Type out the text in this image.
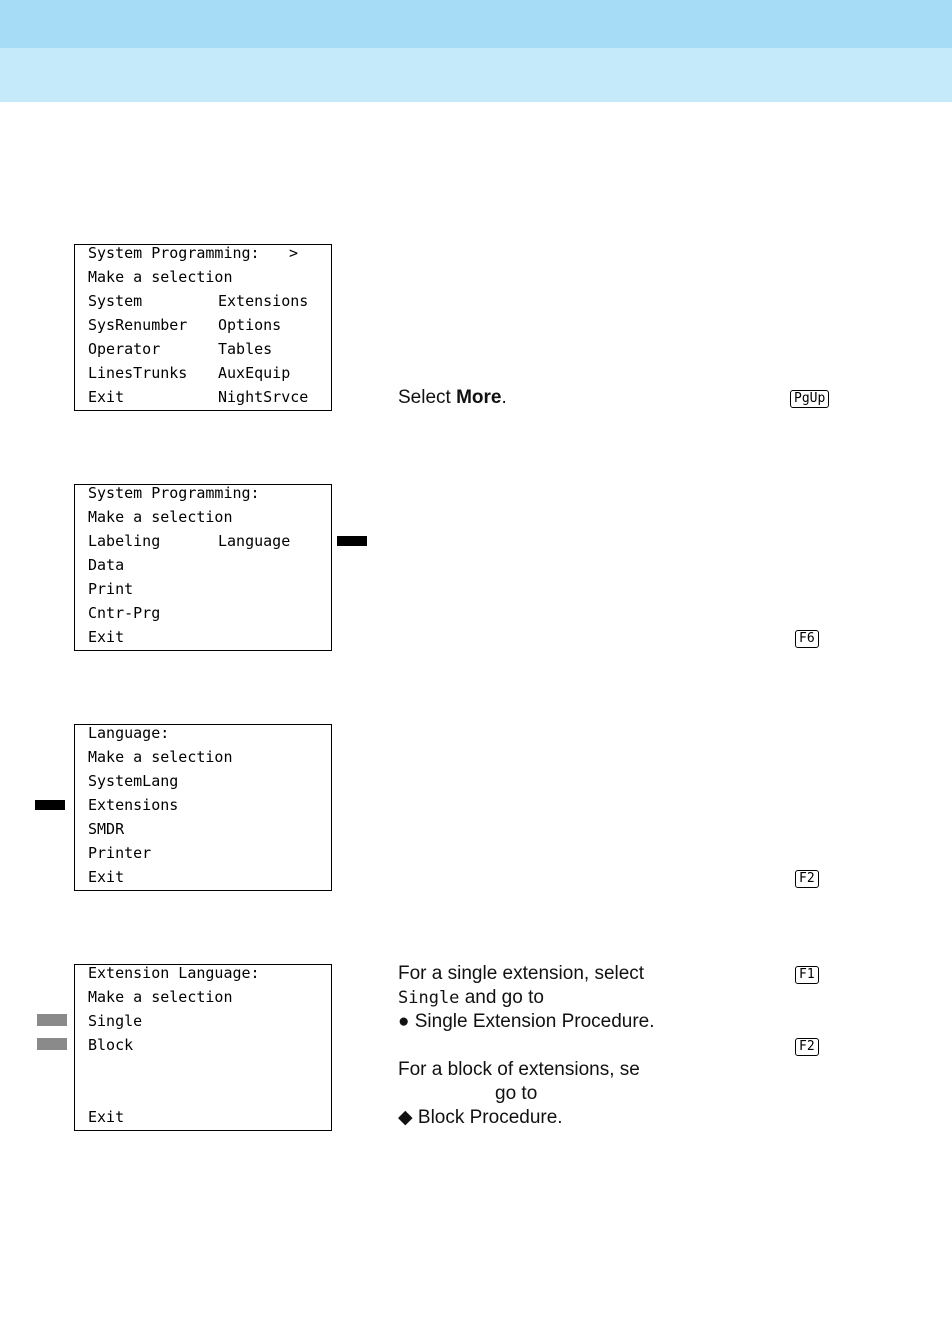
System Programming: >
Make a selection
System	Extensions
SysRenumber Options
Operator	Tables
LinesTrunks AuxEquip
Exit	NightSrvce
System Programming:
Make a selection
Labeling	Language
Data
Print
Cntr-Prg
Exit
Language:
Make a selection
SystemLang
Extensions
SMDR
Printer
Exit
Extension Language:
Make a selection
Single
Block
Exit
Select More.
For a single extension, select
Single and go to
● Single Extension Procedure.
For a block of extensions, se
go to
◆ Block Procedure.
PgUp
F6
F2
F1
F2
